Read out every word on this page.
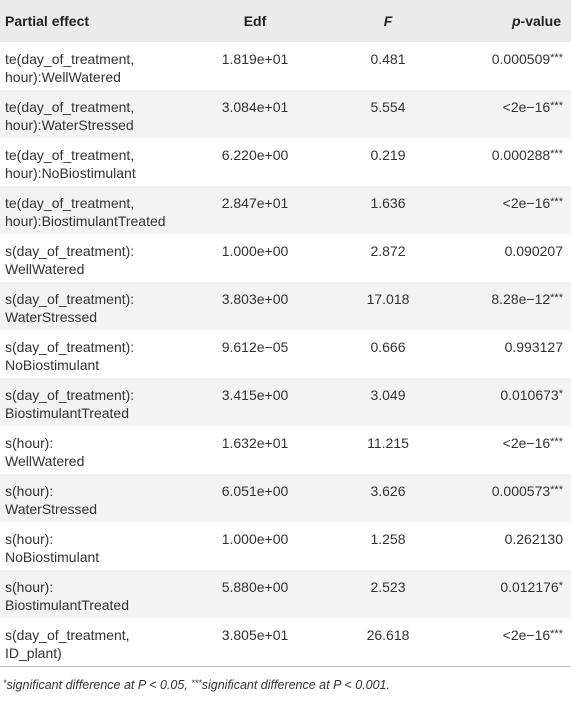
Partial effect	Edf	F	p-value

te(day_of_treatment,
hour):WellWatered	1.819e+01	0.481	0.000509***

te(day_of_treatment,
hour):WaterStressed	3.084e+01	5.554	<2e−16***

te(day_of_treatment,
hour):NoBiostimulant	6.220e+00	0.219	0.000288***

te(day_of_treatment,
hour):BiostimulantTreated	2.847e+01	1.636	<2e−16***

s(day_of_treatment):
WellWatered	1.000e+00	2.872	0.090207

s(day_of_treatment):
WaterStressed	3.803e+00	17.018	8.28e−12***

s(day_of_treatment):
NoBiostimulant	9.612e−05	0.666	0.993127

s(day_of_treatment):
BiostimulantTreated	3.415e+00	3.049	0.010673*

s(hour):
WellWatered	1.632e+01	11.215	<2e−16***

s(hour):
WaterStressed	6.051e+00	3.626	0.000573***

s(hour):
NoBiostimulant	1.000e+00	1.258	0.262130

s(hour):
BiostimulantTreated	5.880e+00	2.523	0.012176*

s(day_of_treatment,
ID_plant)	3.805e+01	26.618	<2e−16***
*significant difference at P < 0.05, ***significant difference at P < 0.001.
